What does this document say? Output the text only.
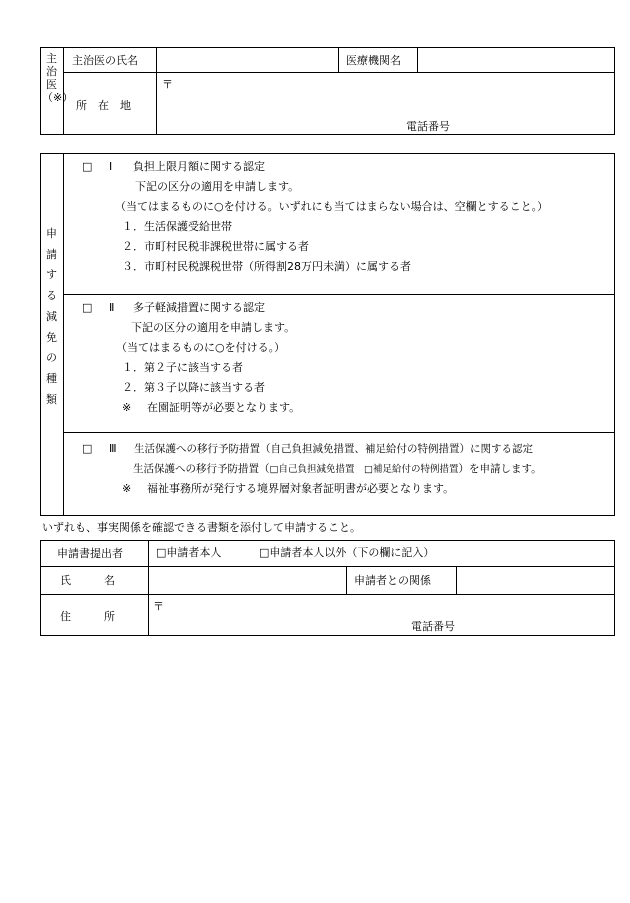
主治医（※）
主治医の氏名	医療機関名
所　在　地
〒
電話番号
申請する減免の種類
□ Ⅰ 負担上限月額に関する認定
下記の区分の適用を申請します。
（当てはまるものに○を付ける。いずれにも当てはまらない場合は、空欄とすること。）
１．生活保護受給世帯
２．市町村民税非課税世帯に属する者
３．市町村民税課税世帯（所得割28万円未満）に属する者
□ Ⅱ 多子軽減措置に関する認定
下記の区分の適用を申請します。
（当てはまるものに○を付ける。）
１．第２子に該当する者
２．第３子以降に該当する者
※ 在園証明等が必要となります。
□ Ⅲ 生活保護への移行予防措置（自己負担減免措置、補足給付の特例措置）に関する認定
生活保護への移行予防措置（□自己負担減免措置　□補足給付の特例措置）を申請します。
※ 福祉事務所が発行する境界層対象者証明書が必要となります。
いずれも、事実関係を確認できる書類を添付して申請すること。
申請書提出者	□申請者本人	□申請者本人以外（下の欄に記入）
氏　　　名	申請者との関係
住　　　所
〒
電話番号
